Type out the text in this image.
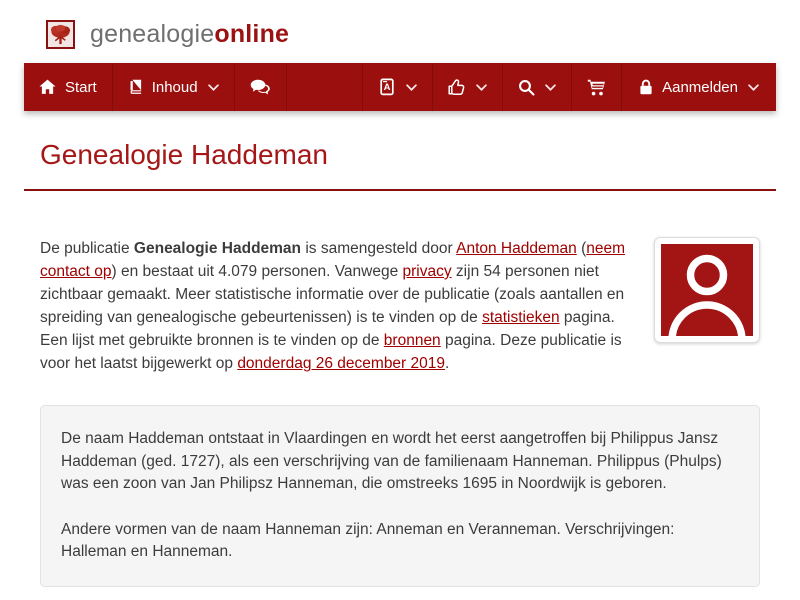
genealogieonline
Start	Inhoud	A	Aanmelden
Genealogie Haddeman

De publicatie Genealogie Haddeman is samengesteld door Anton Haddeman (neem contact op) en bestaat uit 4.079 personen. Vanwege privacy zijn 54 personen niet zichtbaar gemaakt. Meer statistische informatie over de publicatie (zoals aantallen en spreiding van genealogische gebeurtenissen) is te vinden op de statistieken pagina. Een lijst met gebruikte bronnen is te vinden op de bronnen pagina. Deze publicatie is voor het laatst bijgewerkt op donderdag 26 december 2019.

De naam Haddeman ontstaat in Vlaardingen en wordt het eerst aangetroffen bij Philippus Jansz Haddeman (ged. 1727), als een verschrijving van de familienaam Hanneman. Philippus (Phulps) was een zoon van Jan Philipsz Hanneman, die omstreeks 1695 in Noordwijk is geboren.

Andere vormen van de naam Hanneman zijn: Anneman en Veranneman. Verschrijvingen: Halleman en Hanneman.
